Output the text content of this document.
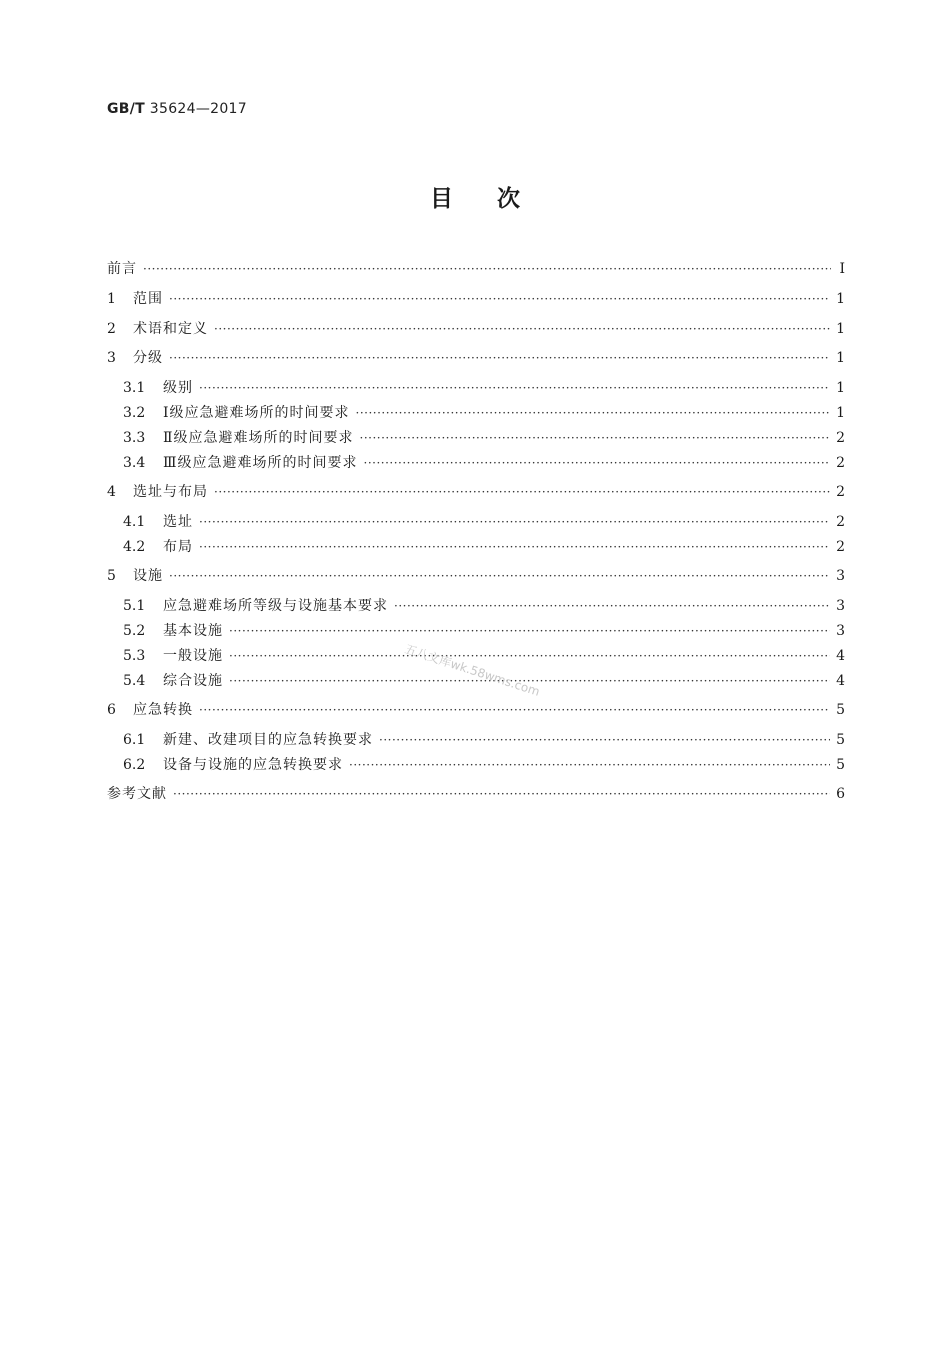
GB/T 35624—2017
目次
前言 ·····	Ⅰ
1	范围 ·····	1
2	术语和定义 ·····	1
3	分级 ·····	1
3.1	级别 ·····	1
3.2	Ⅰ级应急避难场所的时间要求 ·····	1
3.3	Ⅱ级应急避难场所的时间要求 ·····	2
3.4	Ⅲ级应急避难场所的时间要求 ·····	2
4	选址与布局 ·····	2
4.1	选址 ·····	2
4.2	布局 ·····	2
5	设施 ·····	3
5.1	应急避难场所等级与设施基本要求 ·····	3
5.2	基本设施 ·····	3
5.3	一般设施 ·····	4
5.4	综合设施 ·····	4
6	应急转换 ·····	5
6.1	新建、改建项目的应急转换要求 ·····	5
6.2	设备与设施的应急转换要求 ·····	5
参考文献 ·····	6
五八文库wk.58wms.com
